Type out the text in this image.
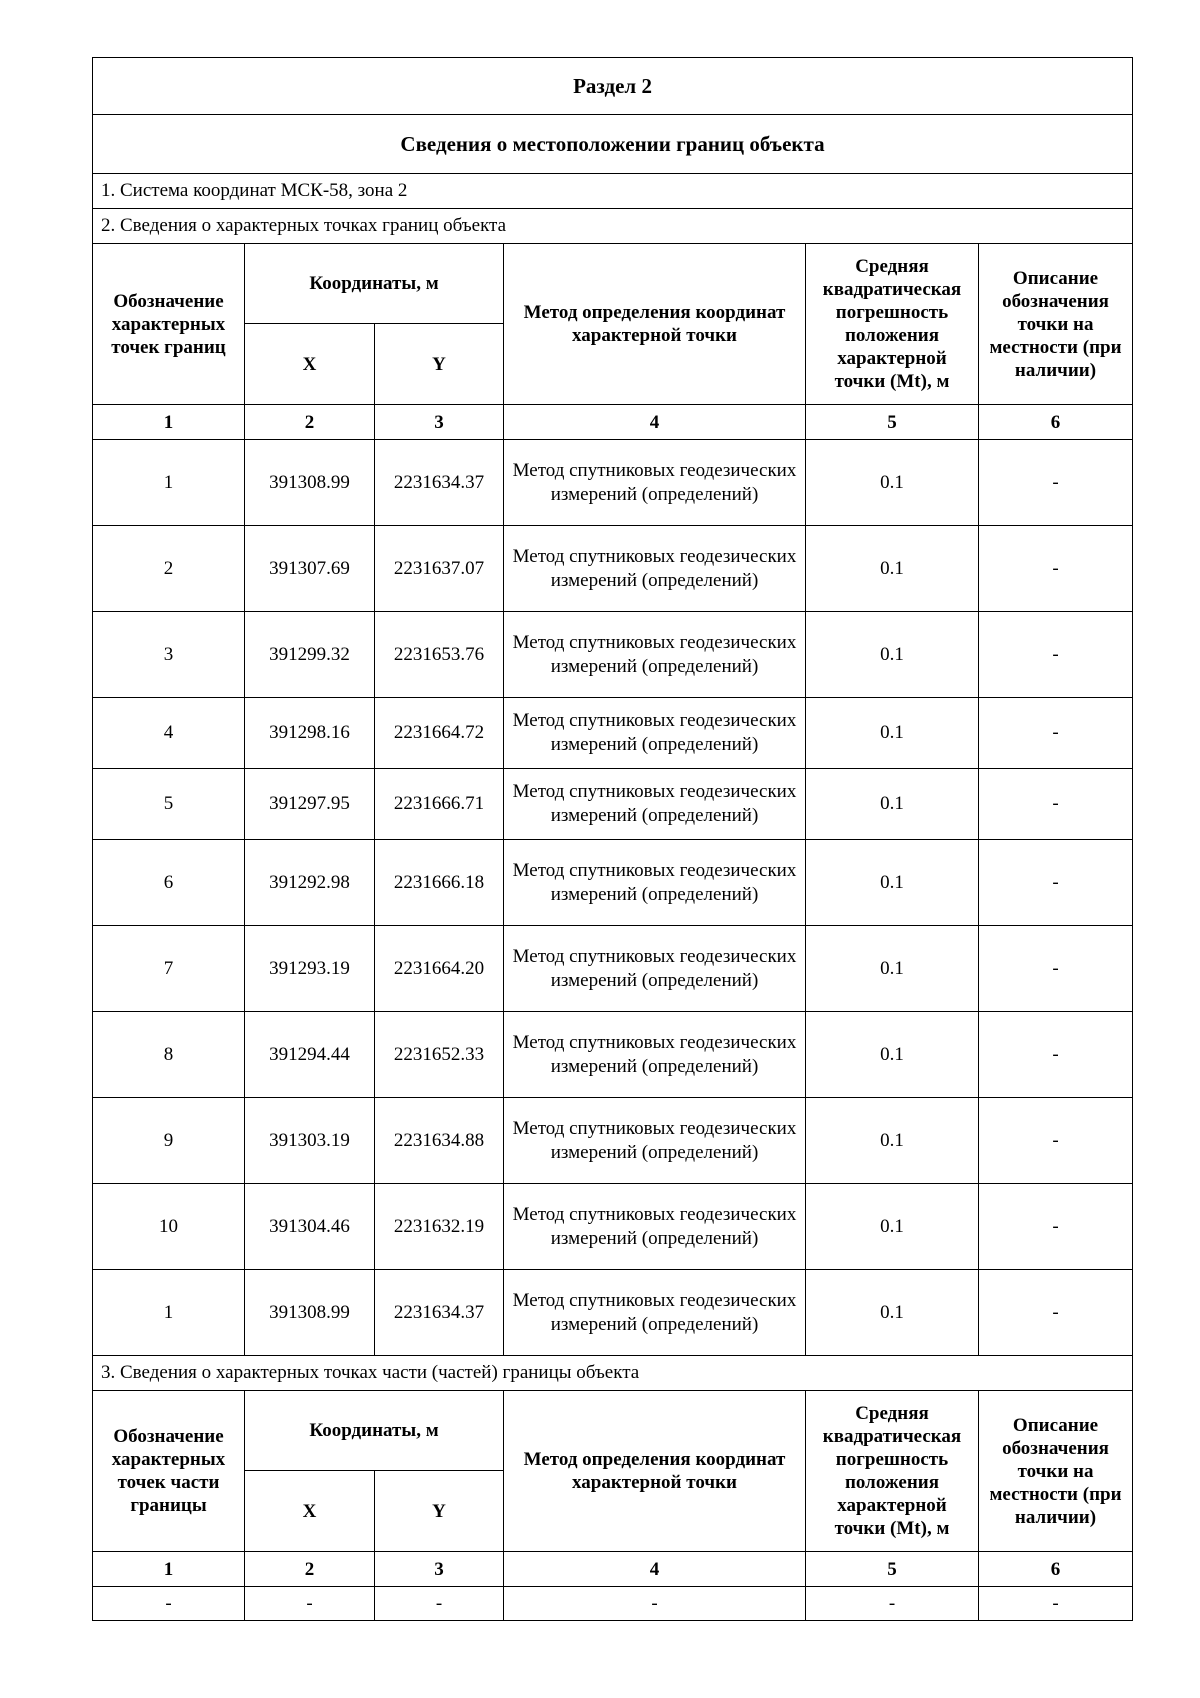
Раздел 2					
Сведения о местоположении границ объекта					
1. Система координат МСК-58, зона 2					
2. Сведения о характерных точках границ объекта					
Обозначение характерных точек границ	Координаты, м		Метод определения координат характерной точки	Средняя квадратическая погрешность положения характерной точки (Mt), м	Описание обозначения точки на местности (при наличии)
	X	Y			
1	2	3	4	5	6
1	391308.99	2231634.37	Метод спутниковых геодезических измерений (определений)	0.1	-
2	391307.69	2231637.07	Метод спутниковых геодезических измерений (определений)	0.1	-
3	391299.32	2231653.76	Метод спутниковых геодезических измерений (определений)	0.1	-
4	391298.16	2231664.72	Метод спутниковых геодезических измерений (определений)	0.1	-
5	391297.95	2231666.71	Метод спутниковых геодезических измерений (определений)	0.1	-
6	391292.98	2231666.18	Метод спутниковых геодезических измерений (определений)	0.1	-
7	391293.19	2231664.20	Метод спутниковых геодезических измерений (определений)	0.1	-
8	391294.44	2231652.33	Метод спутниковых геодезических измерений (определений)	0.1	-
9	391303.19	2231634.88	Метод спутниковых геодезических измерений (определений)	0.1	-
10	391304.46	2231632.19	Метод спутниковых геодезических измерений (определений)	0.1	-
1	391308.99	2231634.37	Метод спутниковых геодезических измерений (определений)	0.1	-
3. Сведения о характерных точках части (частей) границы объекта					
Обозначение характерных точек части границы	Координаты, м		Метод определения координат характерной точки	Средняя квадратическая погрешность положения характерной точки (Mt), м	Описание обозначения точки на местности (при наличии)
	X	Y			
1	2	3	4	5	6
-	-	-	-	-	-
